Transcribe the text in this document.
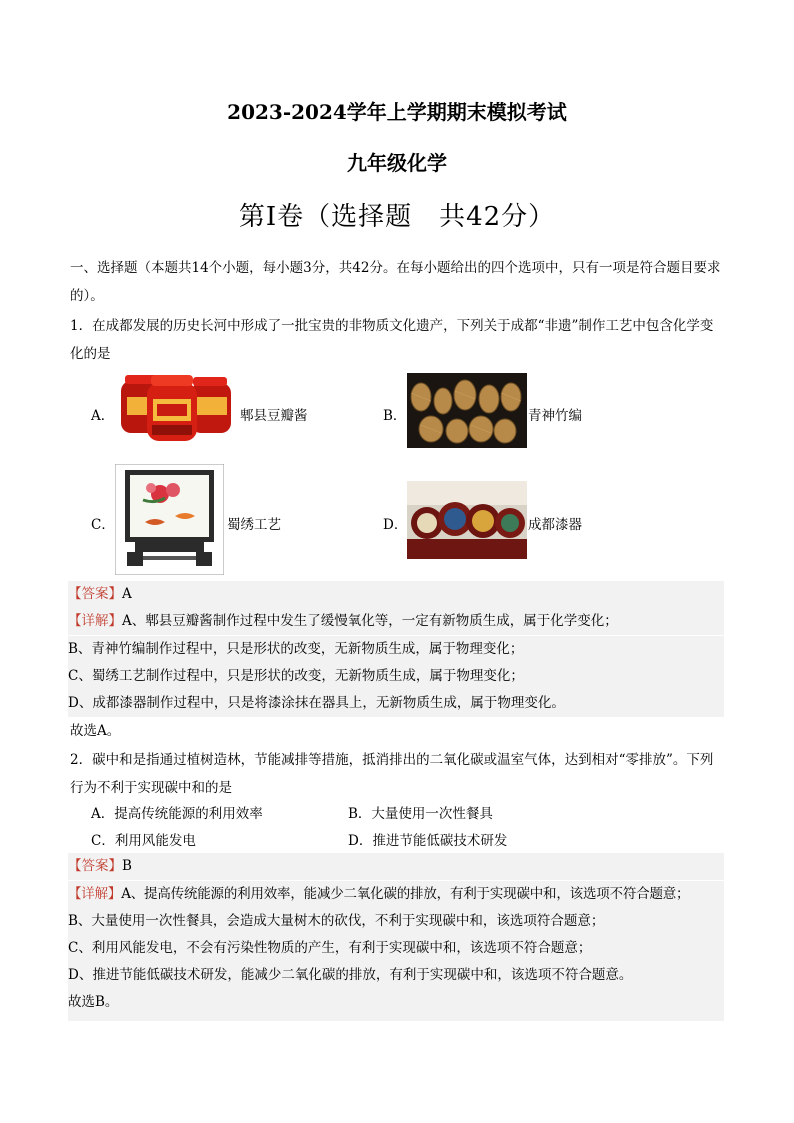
2023-2024学年上学期期末模拟考试
九年级化学
第Ⅰ卷（选择题　共42分）
一、选择题（本题共14个小题，每小题3分，共42分。在每小题给出的四个选项中，只有一项是符合题目要求的）。
1．在成都发展的历史长河中形成了一批宝贵的非物质文化遗产，下列关于成都“非遗”制作工艺中包含化学变化的是
A．	郫县豆瓣酱	B．	青神竹编
C．	蜀绣工艺	D．	成都漆器
【答案】A
【详解】A、郫县豆瓣酱制作过程中发生了缓慢氧化等，一定有新物质生成，属于化学变化；
B、青神竹编制作过程中，只是形状的改变，无新物质生成，属于物理变化；
C、蜀绣工艺制作过程中，只是形状的改变，无新物质生成，属于物理变化；
D、成都漆器制作过程中，只是将漆涂抹在器具上，无新物质生成，属于物理变化。
故选A。
2．碳中和是指通过植树造林，节能减排等措施，抵消排出的二氧化碳或温室气体，达到相对“零排放”。下列行为不利于实现碳中和的是
A．提高传统能源的利用效率	B．大量使用一次性餐具
C．利用风能发电	D．推进节能低碳技术研发
【答案】B
【详解】A、提高传统能源的利用效率，能减少二氧化碳的排放，有利于实现碳中和，该选项不符合题意；
B、大量使用一次性餐具，会造成大量树木的砍伐，不利于实现碳中和，该选项符合题意；
C、利用风能发电，不会有污染性物质的产生，有利于实现碳中和，该选项不符合题意；
D、推进节能低碳技术研发，能减少二氧化碳的排放，有利于实现碳中和，该选项不符合题意。
故选B。
